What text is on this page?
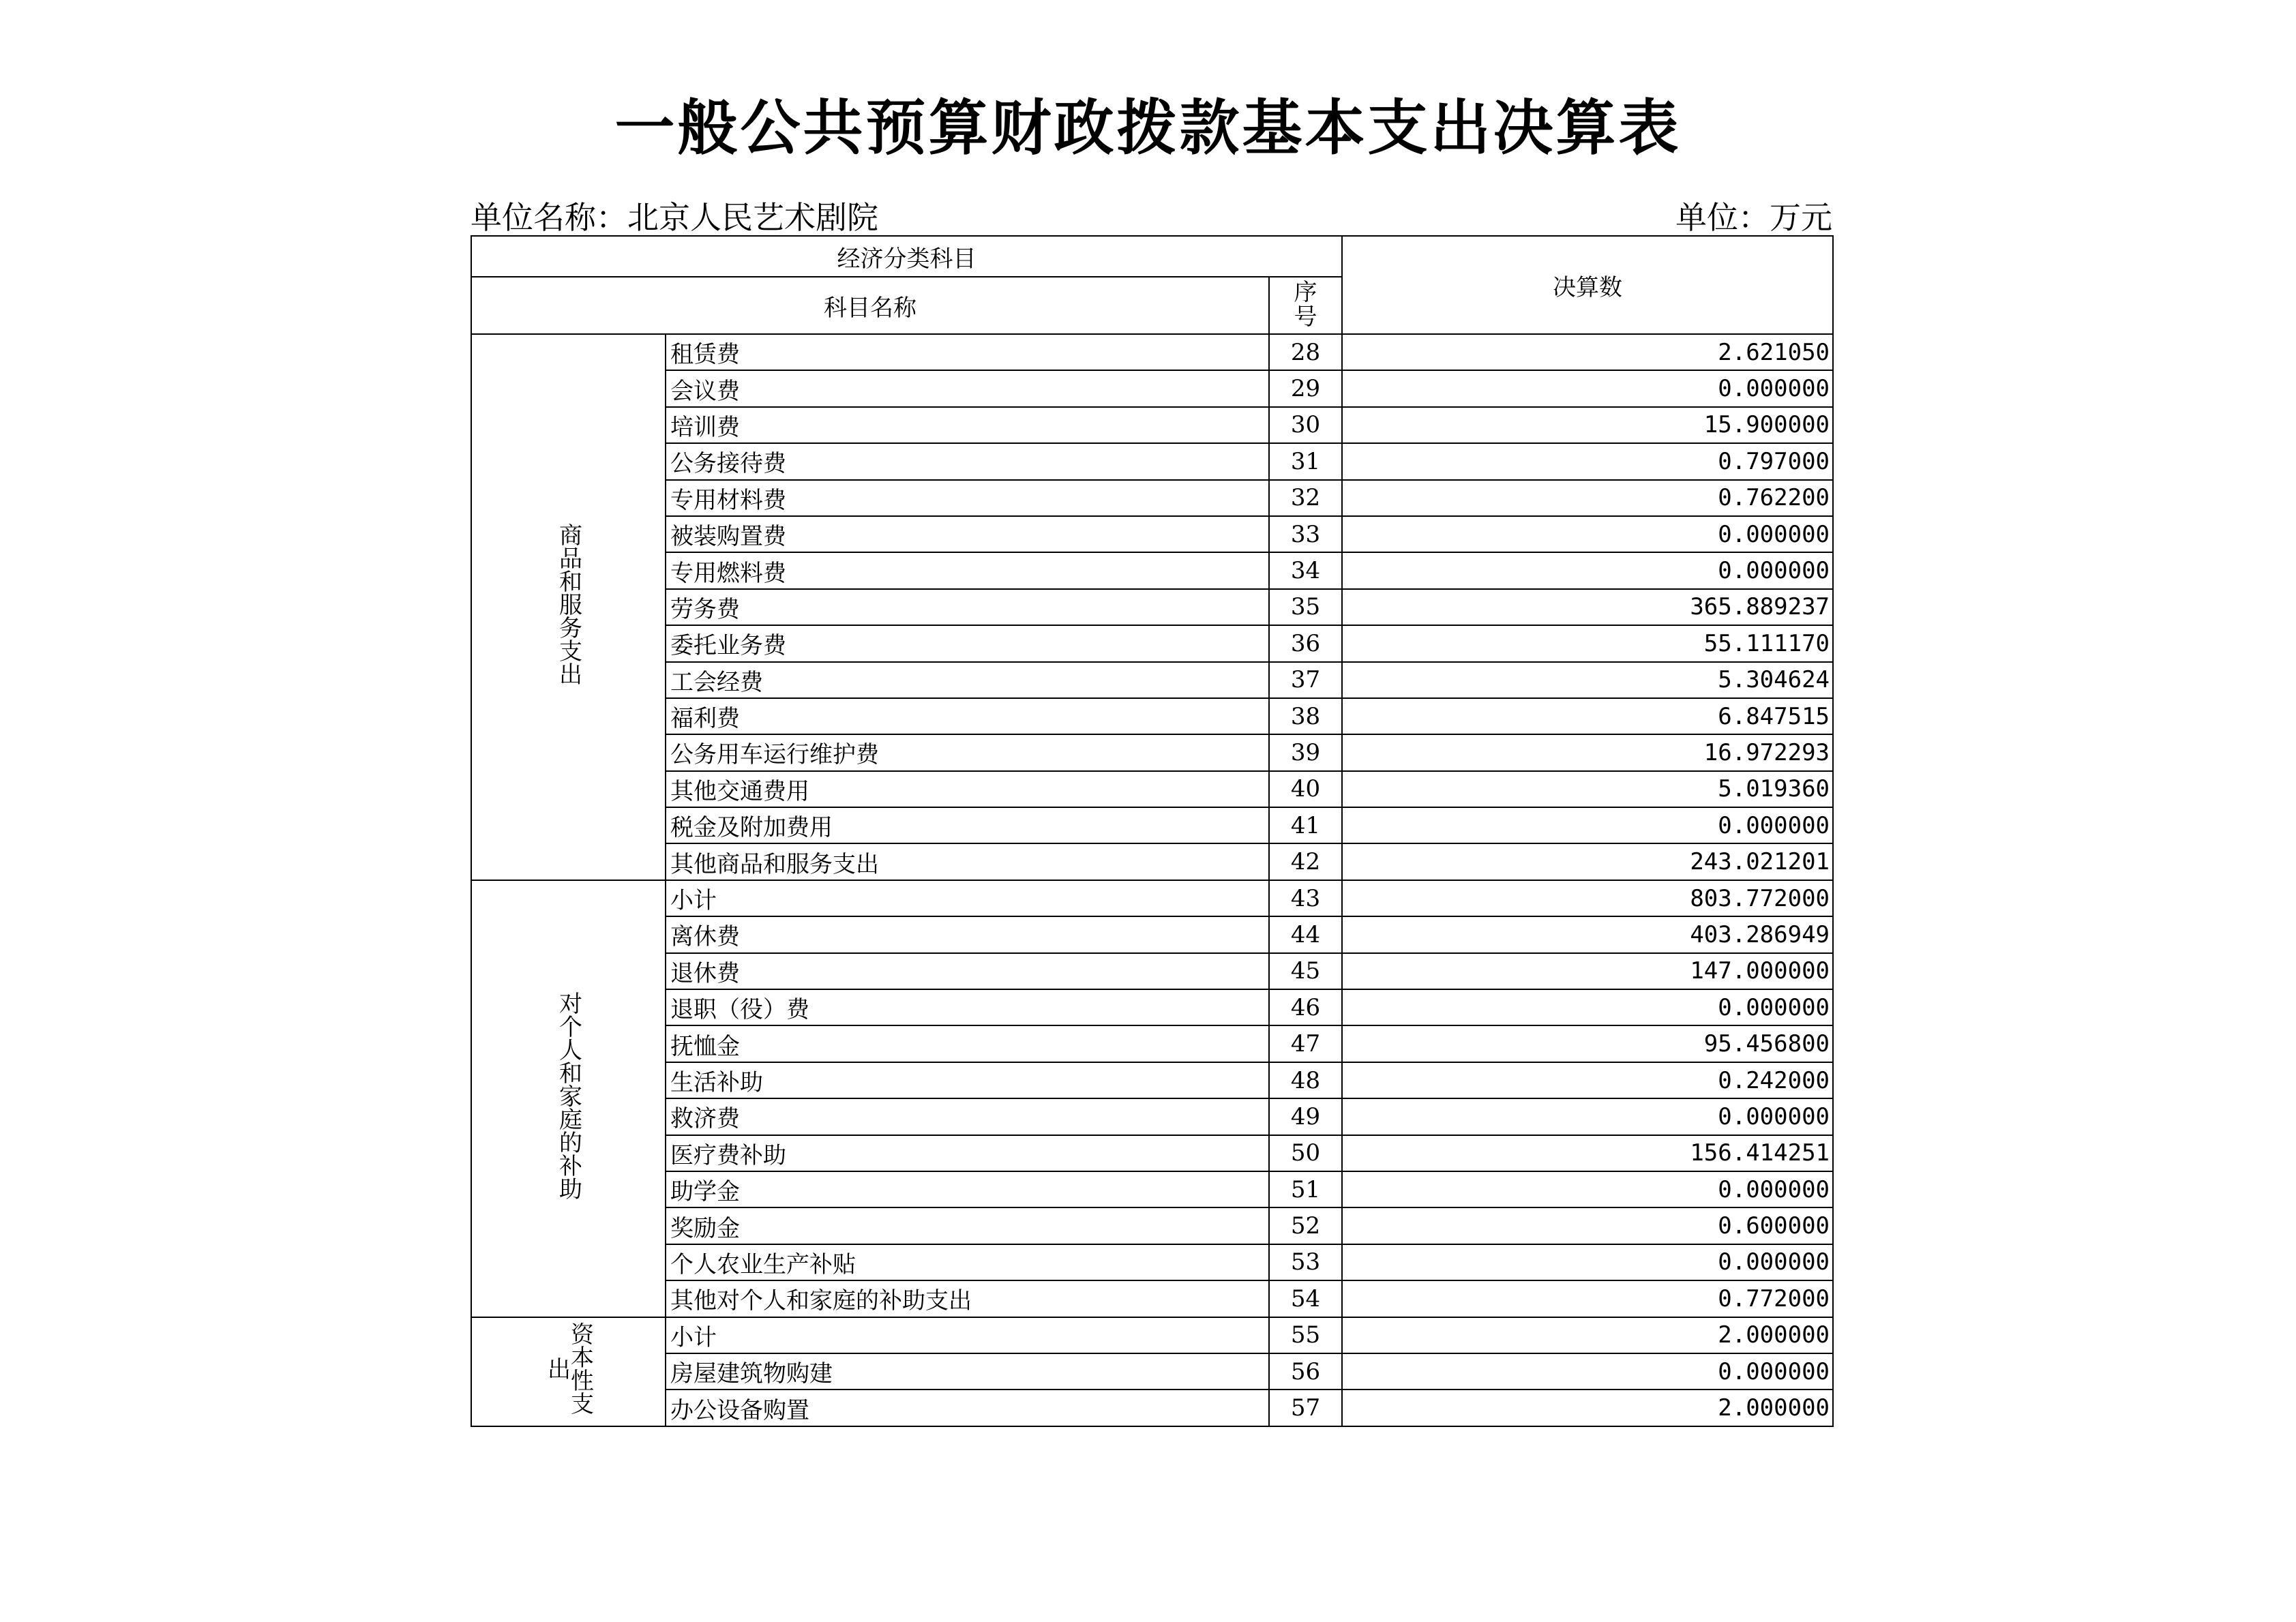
一般公共预算财政拨款基本支出决算表
单位名称：北京人民艺术剧院	单位：万元
经济分类科目			决算数
科目名称		序
号	

商品和服务支出	租赁费	28	2.621050
	会议费	29	0.000000
	培训费	30	15.900000
	公务接待费	31	0.797000
	专用材料费	32	0.762200
	被装购置费	33	0.000000
	专用燃料费	34	0.000000
	劳务费	35	365.889237
	委托业务费	36	55.111170
	工会经费	37	5.304624
	福利费	38	6.847515
	公务用车运行维护费	39	16.972293
	其他交通费用	40	5.019360
	税金及附加费用	41	0.000000
	其他商品和服务支出	42	243.021201
对个人和家庭的补助	小计	43	803.772000
	离休费	44	403.286949
	退休费	45	147.000000
	退职（役）费	46	0.000000
	抚恤金	47	95.456800
	生活补助	48	0.242000
	救济费	49	0.000000
	医疗费补助	50	156.414251
	助学金	51	0.000000
	奖励金	52	0.600000
	个人农业生产补贴	53	0.000000
	其他对个人和家庭的补助支出	54	0.772000
资本性支出	小计	55	2.000000
	房屋建筑物购建	56	0.000000
	办公设备购置	57	2.000000
